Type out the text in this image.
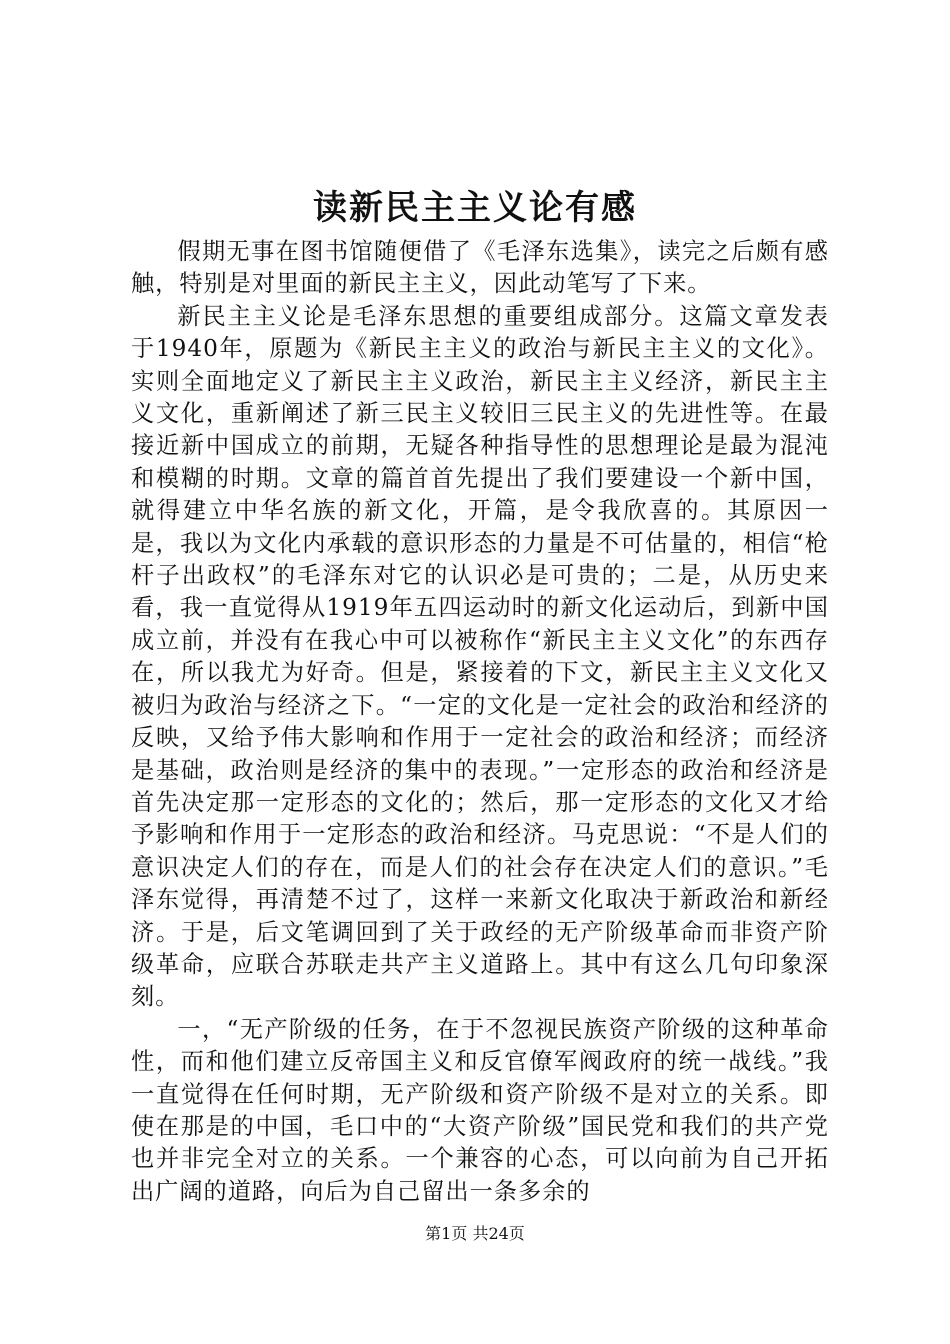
读新民主主义论有感

假期无事在图书馆随便借了《毛泽东选集》，读完之后颇有感触，特别是对里面的新民主主义，因此动笔写了下来。

新民主主义论是毛泽东思想的重要组成部分。这篇文章发表于1940年，原题为《新民主主义的政治与新民主主义的文化》。实则全面地定义了新民主主义政治，新民主主义经济，新民主主义文化，重新阐述了新三民主义较旧三民主义的先进性等。在最接近新中国成立的前期，无疑各种指导性的思想理论是最为混沌和模糊的时期。文章的篇首首先提出了我们要建设一个新中国，就得建立中华名族的新文化，开篇，是令我欣喜的。其原因一是，我以为文化内承载的意识形态的力量是不可估量的，相信“枪杆子出政权”的毛泽东对它的认识必是可贵的；二是，从历史来看，我一直觉得从1919年五四运动时的新文化运动后，到新中国成立前，并没有在我心中可以被称作“新民主主义文化”的东西存在，所以我尤为好奇。但是，紧接着的下文，新民主主义文化又被归为政治与经济之下。“一定的文化是一定社会的政治和经济的反映，又给予伟大影响和作用于一定社会的政治和经济；而经济是基础，政治则是经济的集中的表现。”一定形态的政治和经济是首先决定那一定形态的文化的；然后，那一定形态的文化又才给予影响和作用于一定形态的政治和经济。马克思说：“不是人们的意识决定人们的存在，而是人们的社会存在决定人们的意识。”毛泽东觉得，再清楚不过了，这样一来新文化取决于新政治和新经济。于是，后文笔调回到了关于政经的无产阶级革命而非资产阶级革命，应联合苏联走共产主义道路上。其中有这么几句印象深刻。

一，“无产阶级的任务，在于不忽视民族资产阶级的这种革命性，而和他们建立反帝国主义和反官僚军阀政府的统一战线。”我一直觉得在任何时期，无产阶级和资产阶级不是对立的关系。即使在那是的中国，毛口中的“大资产阶级”国民党和我们的共产党也并非完全对立的关系。一个兼容的心态，可以向前为自己开拓出广阔的道路，向后为自己留出一条多余的

第1页 共24页
